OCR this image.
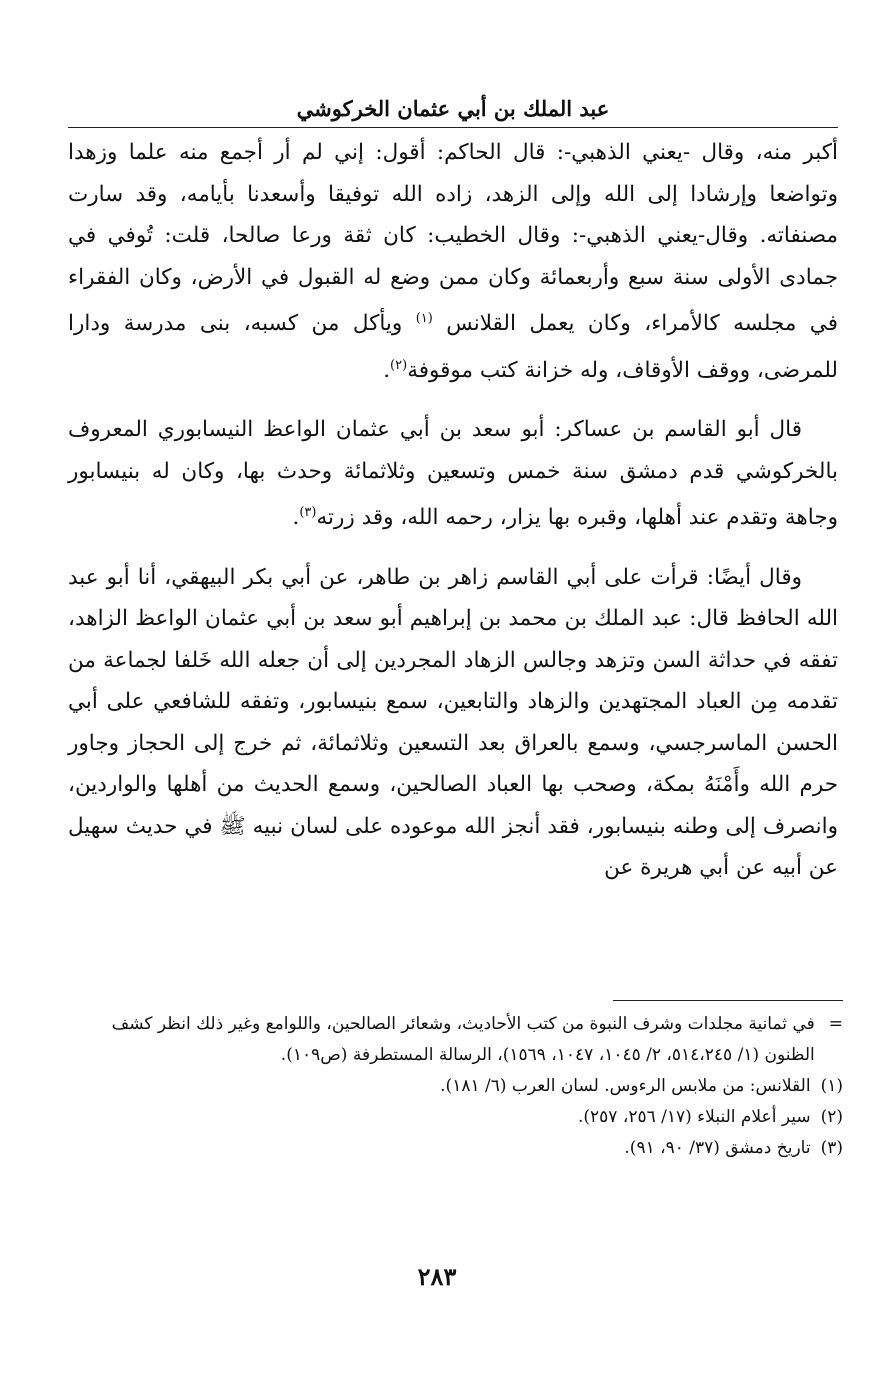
عبد الملك بن أبي عثمان الخركوشي

أكبر منه، وقال -يعني الذهبي-: قال الحاكم: أقول: إني لم أر أجمع منه علما وزهدا وتواضعا وإرشادا إلى الله وإلى الزهد، زاده الله توفيقا وأسعدنا بأيامه، وقد سارت مصنفاته. وقال-يعني الذهبي-: وقال الخطيب: كان ثقة ورعا صالحا، قلت: تُوفي في جمادى الأولى سنة سبع وأربعمائة وكان ممن وضع له القبول في الأرض، وكان الفقراء في مجلسه كالأمراء، وكان يعمل القلانس $^{(١)}$ ويأكل من كسبه، بنى مدرسة ودارا للمرضى، ووقف الأوقاف، وله خزانة كتب موقوفة$^{(٢)}$.

قال أبو القاسم بن عساكر: أبو سعد بن أبي عثمان الواعظ النيسابوري المعروف بالخركوشي قدم دمشق سنة خمس وتسعين وثلاثمائة وحدث بها، وكان له بنيسابور وجاهة وتقدم عند أهلها، وقبره بها يزار، رحمه الله، وقد زرته$^{(٣)}$.

وقال أيضًا: قرأت على أبي القاسم زاهر بن طاهر، عن أبي بكر البيهقي، أنا أبو عبد الله الحافظ قال: عبد الملك بن محمد بن إبراهيم أبو سعد بن أبي عثمان الواعظ الزاهد، تفقه في حداثة السن وتزهد وجالس الزهاد المجردين إلى أن جعله الله خَلفا لجماعة من تقدمه مِن العباد المجتهدين والزهاد والتابعين، سمع بنيسابور، وتفقه للشافعي على أبي الحسن الماسرجسي، وسمع بالعراق بعد التسعين وثلاثمائة، ثم خرج إلى الحجاز وجاور حرم الله وأَمْنَهُ بمكة، وصحب بها العباد الصالحين، وسمع الحديث من أهلها والواردين، وانصرف إلى وطنه بنيسابور، فقد أنجز الله موعوده على لسان نبيه ﷺ في حديث سهيل عن أبيه عن أبي هريرة عن

=
في ثمانية مجلدات وشرف النبوة من كتب الأحاديث، وشعائر الصالحين، واللوامع وغير ذلك انظر كشف الظنون (١/ ٥١٤،٢٤٥، ٢/ ١٠٤٥، ١٠٤٧، ١٥٦٩)، الرسالة المستطرفة (ص١٠٩).
(١)
القلانس: من ملابس الرءوس. لسان العرب (٦/ ١٨١).
(٢)
سير أعلام النبلاء (١٧/ ٢٥٦، ٢٥٧).
(٣)
تاريخ دمشق (٣٧/ ٩٠، ٩١).
٢٨٣
